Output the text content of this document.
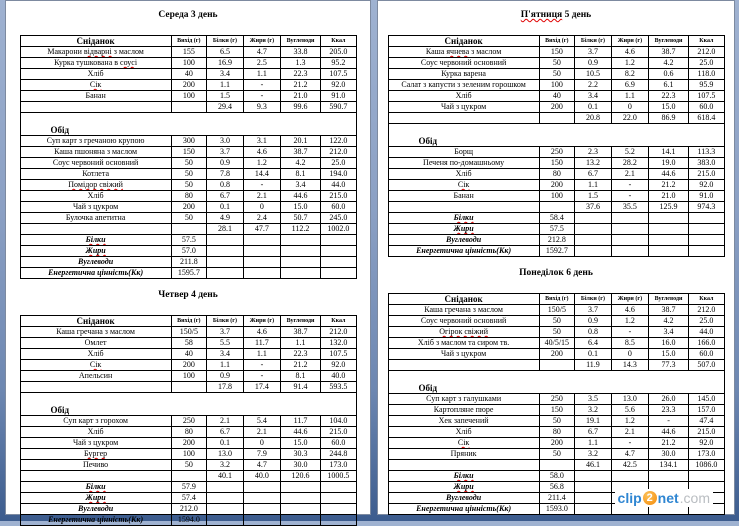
Середа 3 день
Сніданок	Вихід (г)	Білки (г)	Жири (г)	Вуглеводи	Ккал
Макарони відварні з маслом	155	6.5	4.7	33.8	205.0
Курка тушкована в соусі	100	16.9	2.5	1.3	95.2
Хліб	40	3.4	1.1	22.3	107.5
Сік	200	1.1	-	21.2	92.0
Банан	100	1.5	-	21.0	91.0
		29.4	9.3	99.6	590.7
Обід					
Суп карт з гречаною крупою	300	3.0	3.1	20.1	122.0
Каша пшоняна з маслом	150	3.7	4.6	38.7	212.0
Соус червоний основний	50	0.9	1.2	4.2	25.0
Котлета	50	7.8	14.4	8.1	194.0
Помідор свіжий	50	0.8	-	3.4	44.0
Хліб	80	6.7	2.1	44.6	215.0
Чай з цукром	200	0.1	0	15.0	60.0
Булочка апетитна	50	4.9	2.4	50.7	245.0
		28.1	47.7	112.2	1002.0
Білки	57.5				
Жири	57.0				
Вуглеводи	211.8				
Енергетична цінність(Кк)	1595.7				
Четвер 4 день
Сніданок	Вихід (г)	Білки (г)	Жири (г)	Вуглеводи	Ккал
Каша гречана з маслом	150/5	3.7	4.6	38.7	212.0
Омлет	58	5.5	11.7	1.1	132.0
Хліб	40	3.4	1.1	22.3	107.5
Сік	200	1.1	-	21.2	92.0
Апельсин	100	0.9	-	8.1	40.0
		17.8	17.4	91.4	593.5
Обід					
Суп карт з горохом	250	2.1	5.4	11.7	104.0
Хліб	80	6.7	2.1	44.6	215.0
Чай з цукром	200	0.1	0	15.0	60.0
Бургер	100	13.0	7.9	30.3	244.8
Печиво	50	3.2	4.7	30.0	173.0
		40.1	40.0	120.6	1000.5
Білки	57.9				
Жири	57.4				
Вуглеводи	212.0				
Енергетична цінність(Кк)	1594.0				
П'ятниця 5 день
Сніданок	Вихід (г)	Білки (г)	Жири (г)	Вуглеводи	Ккал
Каша ячнева з маслом	150	3.7	4.6	38.7	212.0
Соус червоний основний	50	0.9	1.2	4.2	25.0
Курка варена	50	10.5	8.2	0.6	118.0
Салат з капусти з зеленим горошком	100	2.2	6.9	6.1	95.9
Хліб	40	3.4	1.1	22.3	107.5
Чай з цукром	200	0.1	0	15.0	60.0
		20.8	22.0	86.9	618.4
Обід					
Борщ	250	2.3	5.2	14.1	113.3
Печеня по-домашньому	150	13.2	28.2	19.0	383.0
Хліб	80	6.7	2.1	44.6	215.0
Сік	200	1.1	-	21.2	92.0
Банан	100	1.5	-	21.0	91.0
		37.6	35.5	125.9	974.3
Білки	58.4				
Жири	57.5				
Вуглеводи	212.8				
Енергетична цінність(Кк)	1592.7				
Понеділок 6 день
Сніданок	Вихід (г)	Білки (г)	Жири (г)	Вуглеводи	Ккал
Каша гречана з маслом	150/5	3.7	4.6	38.7	212.0
Соус червоний основний	50	0.9	1.2	4.2	25.0
Огірок свіжий	50	0.8	-	3.4	44.0
Хліб з маслом та сиром тв.	40/5/15	6.4	8.5	16.0	166.0
Чай з цукром	200	0.1	0	15.0	60.0
		11.9	14.3	77.3	507.0
Обід					
Суп карт з галушками	250	3.5	13.0	26.0	145.0
Картопляне пюре	150	3.2	5.6	23.3	157.0
Хек запечений	50	19.1	1.2	-	47.4
Хліб	80	6.7	2.1	44.6	215.0
Сік	200	1.1	-	21.2	92.0
Пряник	50	3.2	4.7	30.0	173.0
		46.1	42.5	134.1	1086.0
Білки	58.0				
Жири	56.8				
Вуглеводи	211.4				
Енергетична цінність(Кк)	1593.0				
clip 2 net .com
